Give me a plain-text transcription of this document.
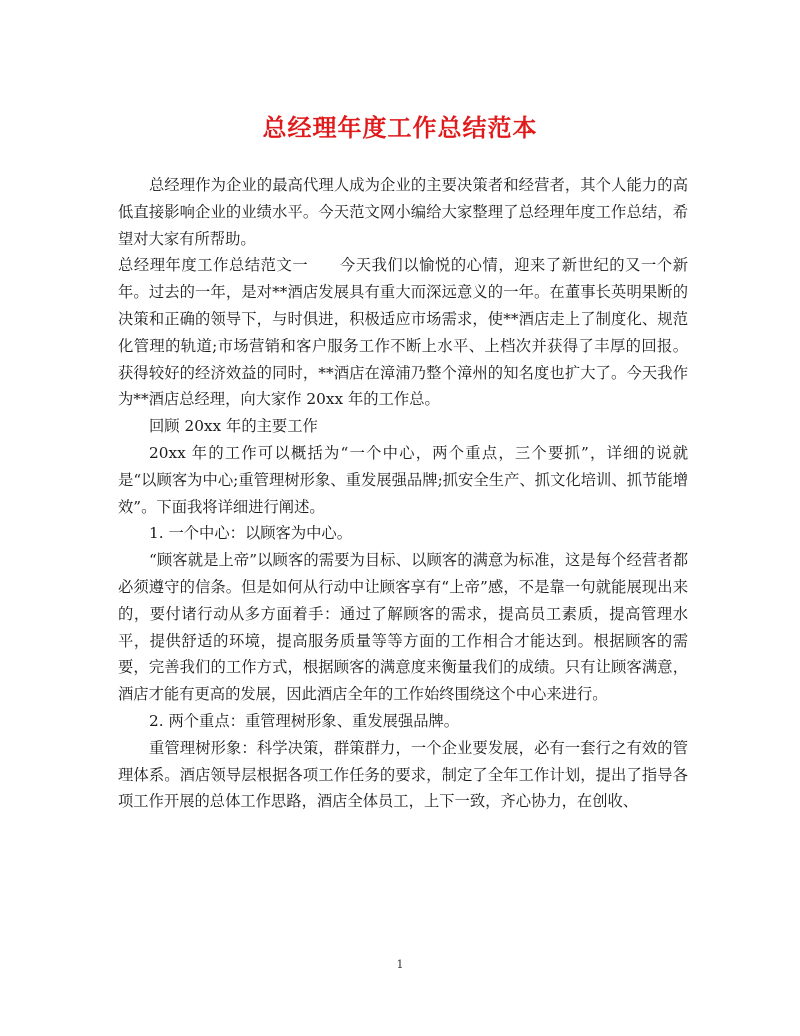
总经理年度工作总结范本

总经理作为企业的最高代理人成为企业的主要决策者和经营者，其个人能力的高低直接影响企业的业绩水平。今天范文网小编给大家整理了总经理年度工作总结，希望对大家有所帮助。

总经理年度工作总结范文一　　今天我们以愉悦的心情，迎来了新世纪的又一个新年。过去的一年，是对**酒店发展具有重大而深远意义的一年。在董事长英明果断的决策和正确的领导下，与时俱进，积极适应市场需求，使**酒店走上了制度化、规范化管理的轨道;市场营销和客户服务工作不断上水平、上档次并获得了丰厚的回报。获得较好的经济效益的同时，**酒店在漳浦乃整个漳州的知名度也扩大了。今天我作为**酒店总经理，向大家作 20xx 年的工作总。

回顾 20xx 年的主要工作

20xx 年的工作可以概括为“一个中心，两个重点，三个要抓”，详细的说就是“以顾客为中心;重管理树形象、重发展强品牌;抓安全生产、抓文化培训、抓节能增效”。下面我将详细进行阐述。

1. 一个中心：以顾客为中心。

“顾客就是上帝”以顾客的需要为目标、以顾客的满意为标准，这是每个经营者都必须遵守的信条。但是如何从行动中让顾客享有“上帝”感，不是靠一句就能展现出来的，要付诸行动从多方面着手：通过了解顾客的需求，提高员工素质，提高管理水平，提供舒适的环境，提高服务质量等等方面的工作相合才能达到。根据顾客的需要，完善我们的工作方式，根据顾客的满意度来衡量我们的成绩。只有让顾客满意，酒店才能有更高的发展，因此酒店全年的工作始终围绕这个中心来进行。

2. 两个重点：重管理树形象、重发展强品牌。

重管理树形象：科学决策，群策群力，一个企业要发展，必有一套行之有效的管理体系。酒店领导层根据各项工作任务的要求，制定了全年工作计划，提出了指导各项工作开展的总体工作思路，酒店全体员工，上下一致，齐心协力，在创收、

1
